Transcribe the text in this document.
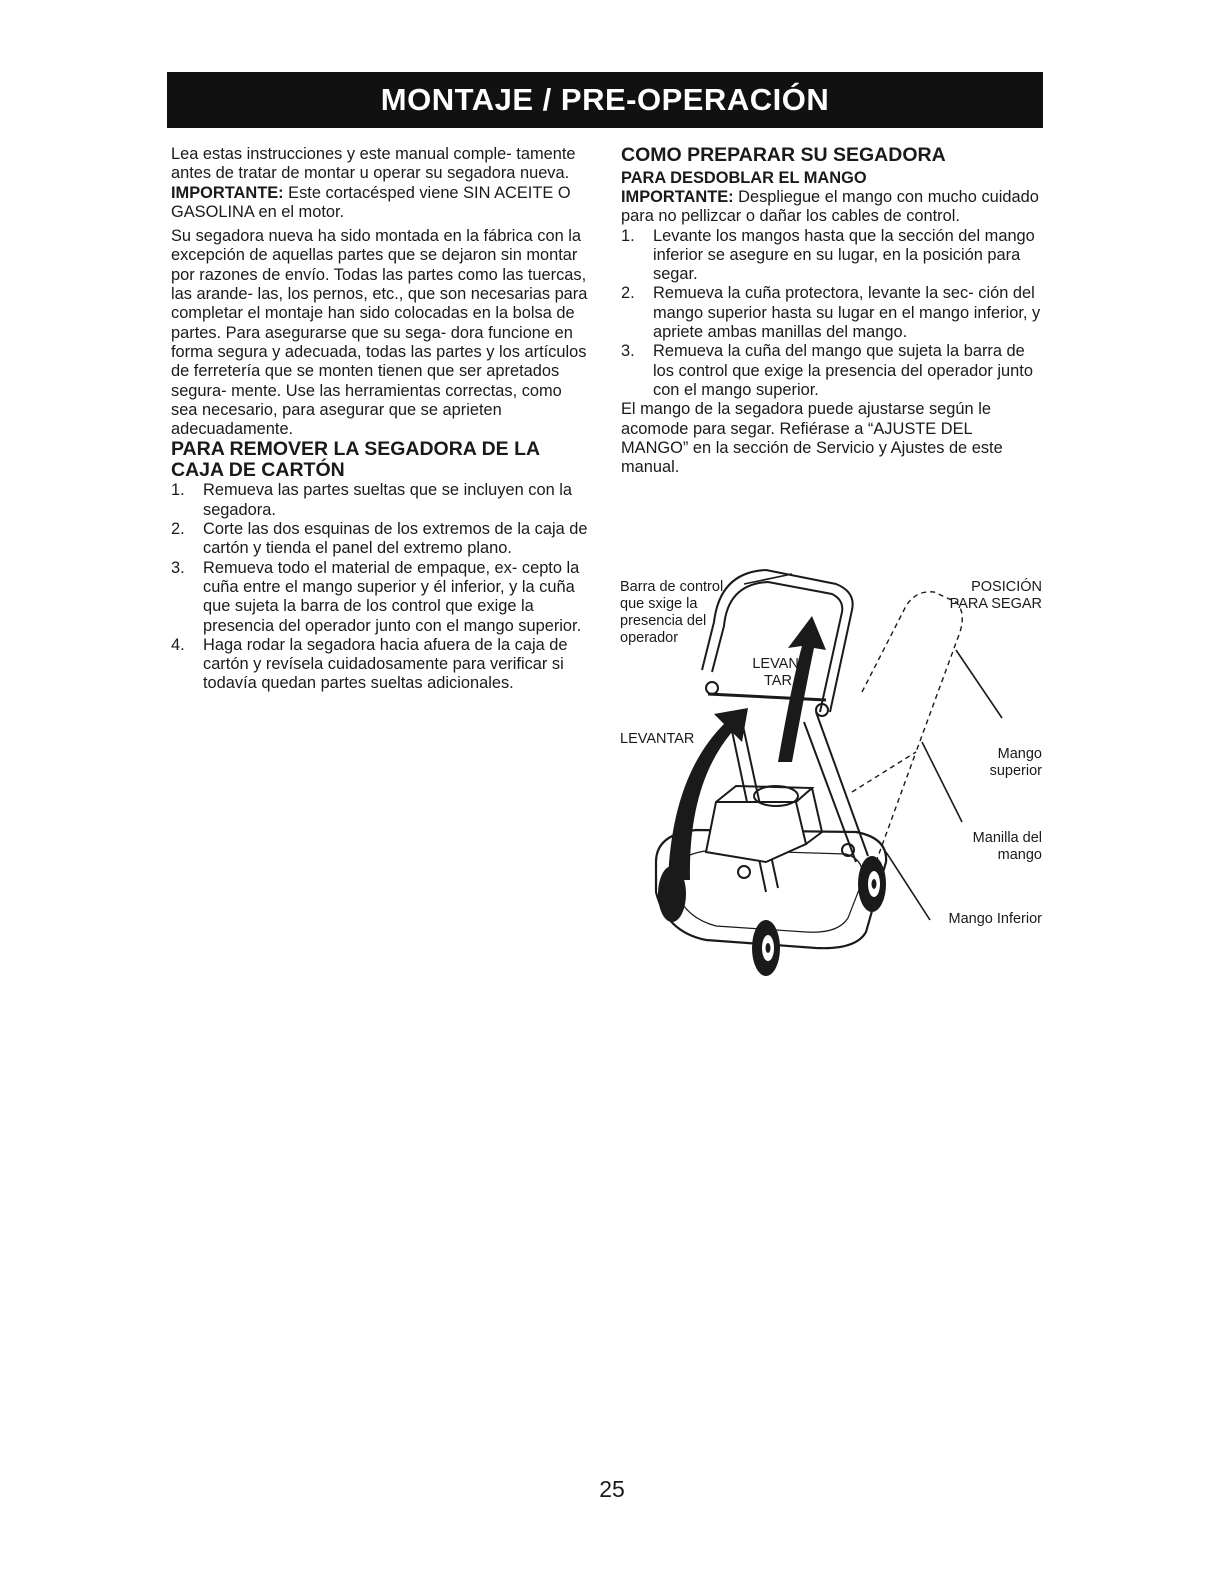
MONTAJE / PRE-OPERACIÓN

Lea estas instrucciones y este manual comple- tamente antes de tratar de montar u operar su segadora nueva.

IMPORTANTE: Este cortacésped viene SIN ACEITE O GASOLINA en el motor.

Su segadora nueva ha sido montada en la fábrica con la excepción de aquellas partes que se dejaron sin montar por razones de envío. Todas las partes como las tuercas, las arande- las, los pernos, etc., que son necesarias para completar el montaje han sido colocadas en la bolsa de partes. Para asegurarse que su sega- dora funcione en forma segura y adecuada, todas las partes y los artículos de ferretería que se monten tienen que ser apretados segura- mente. Use las herramientas correctas, como sea necesario, para asegurar que se aprieten adecuadamente.

PARA REMOVER LA SEGADORA DE LA CAJA DE CARTÓN
1. Remueva las partes sueltas que se incluyen con la segadora.
2. Corte las dos esquinas de los extremos de la caja de cartón y tienda el panel del extremo plano.
3. Remueva todo el material de empaque, ex- cepto la cuña entre el mango superior y él inferior, y la cuña que sujeta la barra de los control que exige la presencia del operador junto con el mango superior.
4. Haga rodar la segadora hacia afuera de la caja de cartón y revísela cuidadosamente para verificar si todavía quedan partes sueltas adicionales.
COMO PREPARAR SU SEGADORA
PARA DESDOBLAR EL MANGO

IMPORTANTE: Despliegue el mango con mucho cuidado para no pellizcar o dañar los cables de control.

1. Levante los mangos hasta que la sección del mango inferior se asegure en su lugar, en la posición para segar.
2. Remueva la cuña protectora, levante la sec- ción del mango superior hasta su lugar en el mango inferior, y apriete ambas manillas del mango.
3. Remueva la cuña del mango que sujeta la barra de los control que exige la presencia del operador junto con el mango superior.

El mango de la segadora puede ajustarse según le acomode para segar. Refiérase a “AJUSTE DEL MANGO” en la sección de Servicio y Ajustes de este manual.

Barra de control que sxige la presencia del operador
LEVAN- TAR
LEVANTAR
POSICIÓN PARA SEGAR
Mango superior
Manilla del mango
Mango Inferior
25
